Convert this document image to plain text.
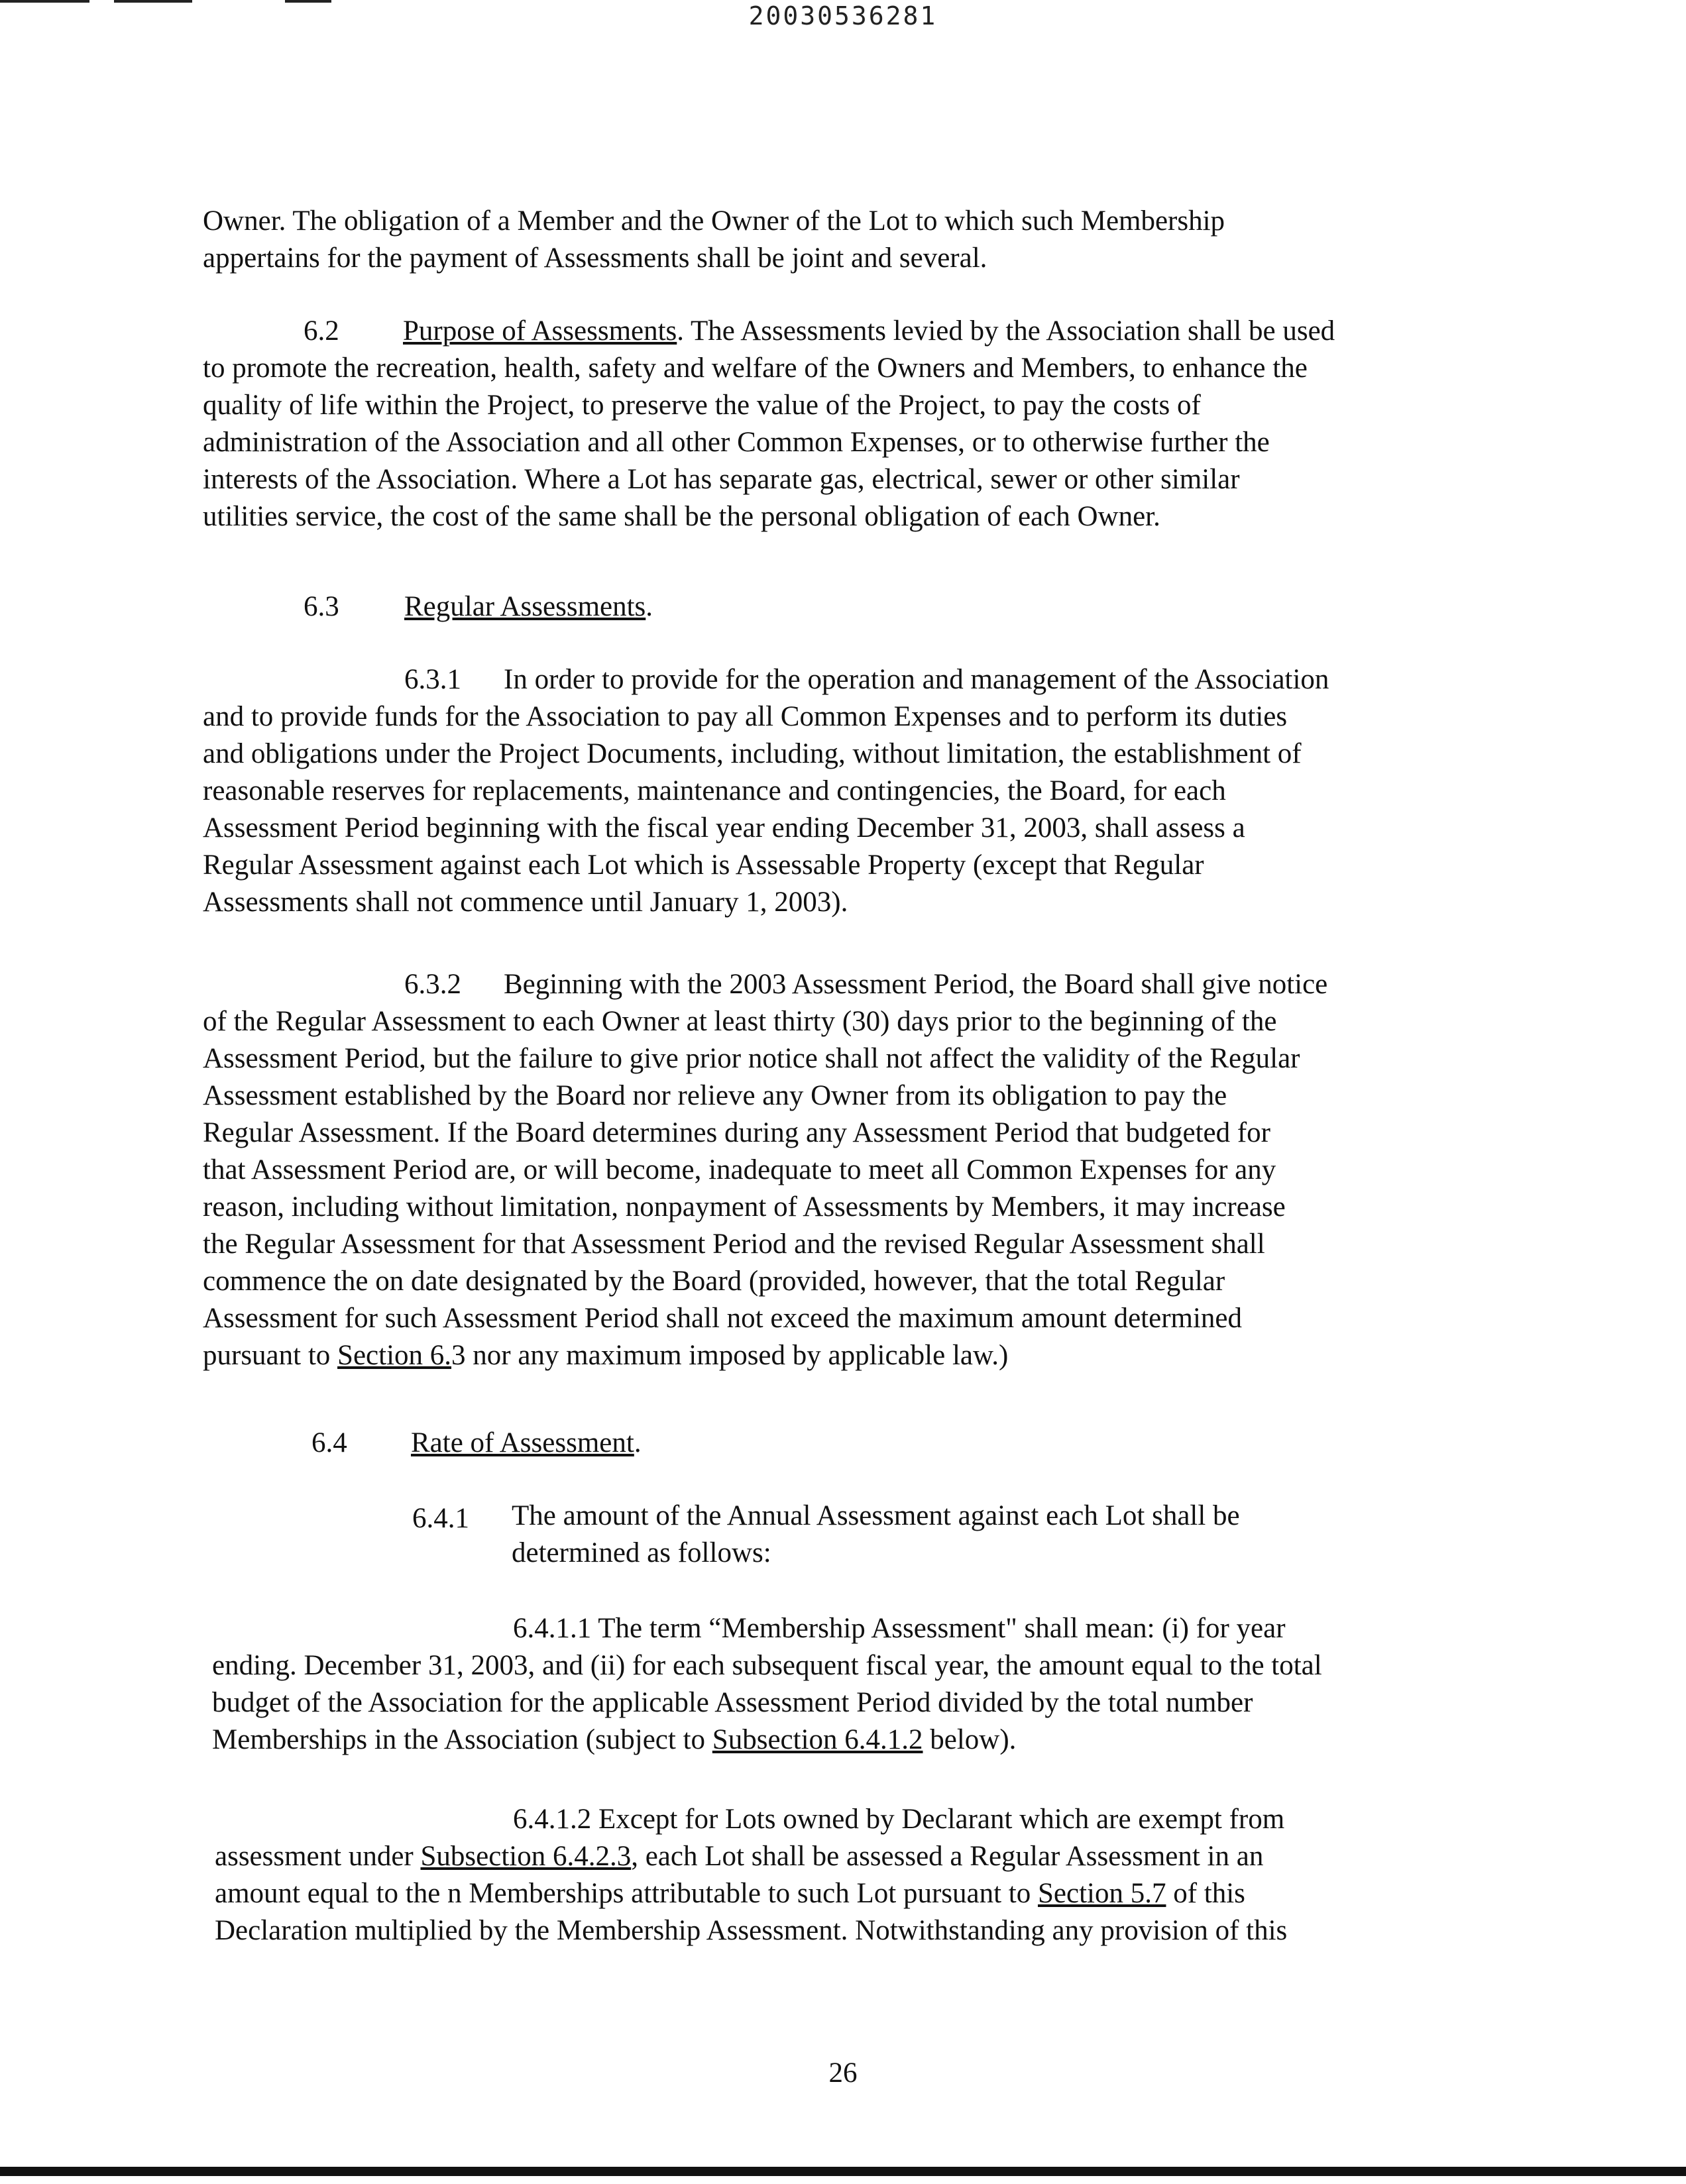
20030536281

Owner. The obligation of a Member and the Owner of the Lot to which such Membership

appertains for the payment of Assessments shall be joint and several.

6.2 Purpose of Assessments. The Assessments levied by the Association shall be used

to promote the recreation, health, safety and welfare of the Owners and Members, to enhance the

quality of life within the Project, to preserve the value of the Project, to pay the costs of

administration of the Association and all other Common Expenses, or to otherwise further the

interests of the Association. Where a Lot has separate gas, electrical, sewer or other similar

utilities service, the cost of the same shall be the personal obligation of each Owner.

6.3 Regular Assessments.

6.3.1 In order to provide for the operation and management of the Association

and to provide funds for the Association to pay all Common Expenses and to perform its duties

and obligations under the Project Documents, including, without limitation, the establishment of

reasonable reserves for replacements, maintenance and contingencies, the Board, for each

Assessment Period beginning with the fiscal year ending December 31, 2003, shall assess a

Regular Assessment against each Lot which is Assessable Property (except that Regular

Assessments shall not commence until January 1, 2003).

6.3.2 Beginning with the 2003 Assessment Period, the Board shall give notice

of the Regular Assessment to each Owner at least thirty (30) days prior to the beginning of the

Assessment Period, but the failure to give prior notice shall not affect the validity of the Regular

Assessment established by the Board nor relieve any Owner from its obligation to pay the

Regular Assessment. If the Board determines during any Assessment Period that budgeted for

that Assessment Period are, or will become, inadequate to meet all Common Expenses for any

reason, including without limitation, nonpayment of Assessments by Members, it may increase

the Regular Assessment for that Assessment Period and the revised Regular Assessment shall

commence the on date designated by the Board (provided, however, that the total Regular

Assessment for such Assessment Period shall not exceed the maximum amount determined

pursuant to Section 6.3 nor any maximum imposed by applicable law.)

6.4 Rate of Assessment.

6.4.1 The amount of the Annual Assessment against each Lot shall be

determined as follows:

6.4.1.1 The term “Membership Assessment" shall mean: (i) for year

ending. December 31, 2003, and (ii) for each subsequent fiscal year, the amount equal to the total

budget of the Association for the applicable Assessment Period divided by the total number

Memberships in the Association (subject to Subsection 6.4.1.2 below).

6.4.1.2 Except for Lots owned by Declarant which are exempt from

assessment under Subsection 6.4.2.3, each Lot shall be assessed a Regular Assessment in an

amount equal to the n Memberships attributable to such Lot pursuant to Section 5.7 of this

Declaration multiplied by the Membership Assessment. Notwithstanding any provision of this

26
